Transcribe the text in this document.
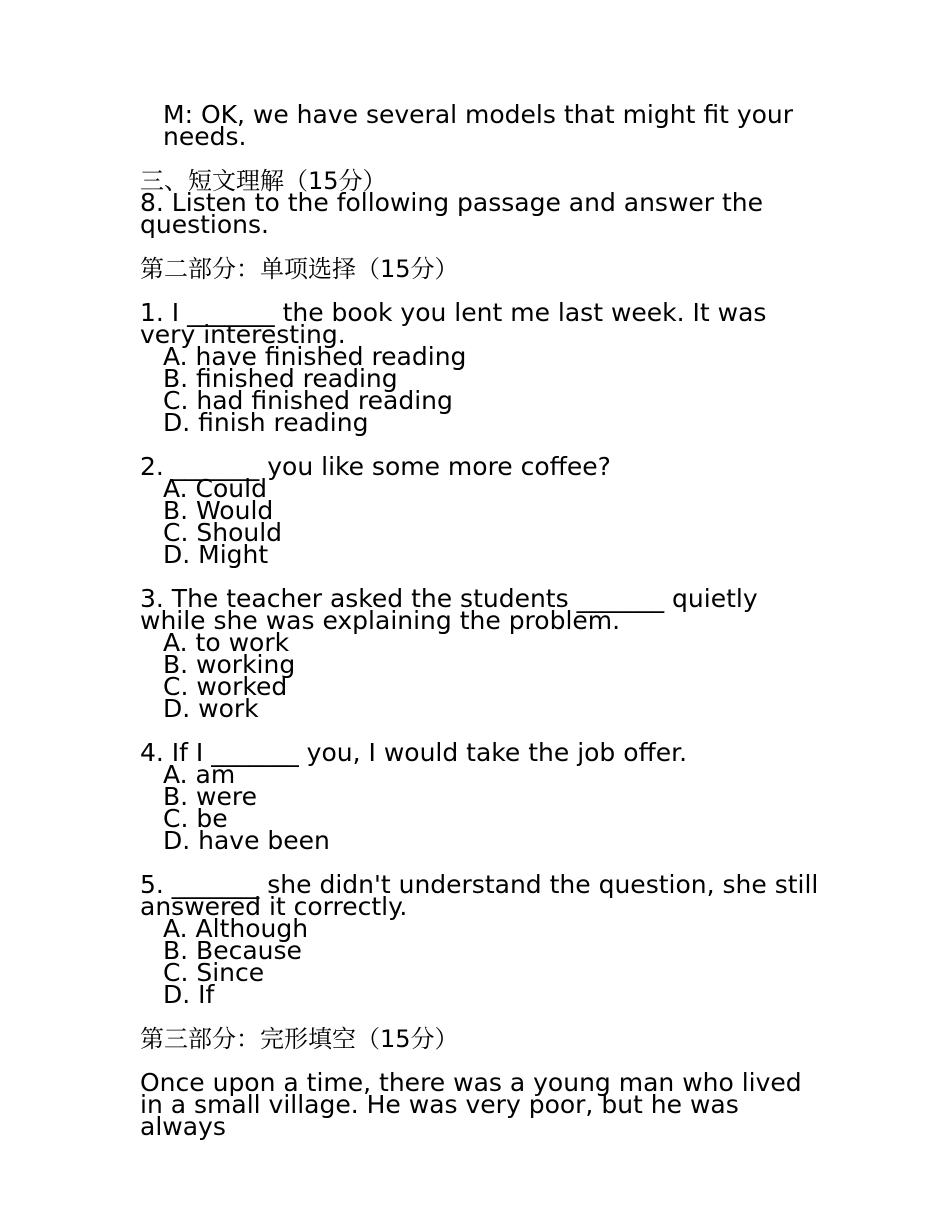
M: OK, we have several models that might fit your needs.
三、短文理解（15分）
8. Listen to the following passage and answer the questions.
第二部分：单项选择（15分）
1. I _______ the book you lent me last week. It was very interesting.
A. have finished reading
B. finished reading
C. had finished reading
D. finish reading
2. _______ you like some more coffee?
A. Could
B. Would
C. Should
D. Might
3. The teacher asked the students _______ quietly while she was explaining the problem.
A. to work
B. working
C. worked
D. work
4. If I _______ you, I would take the job offer.
A. am
B. were
C. be
D. have been
5. _______ she didn't understand the question, she still answered it correctly.
A. Although
B. Because
C. Since
D. If
第三部分：完形填空（15分）
Once upon a time, there was a young man who lived in a small village. He was very poor, but he was always
